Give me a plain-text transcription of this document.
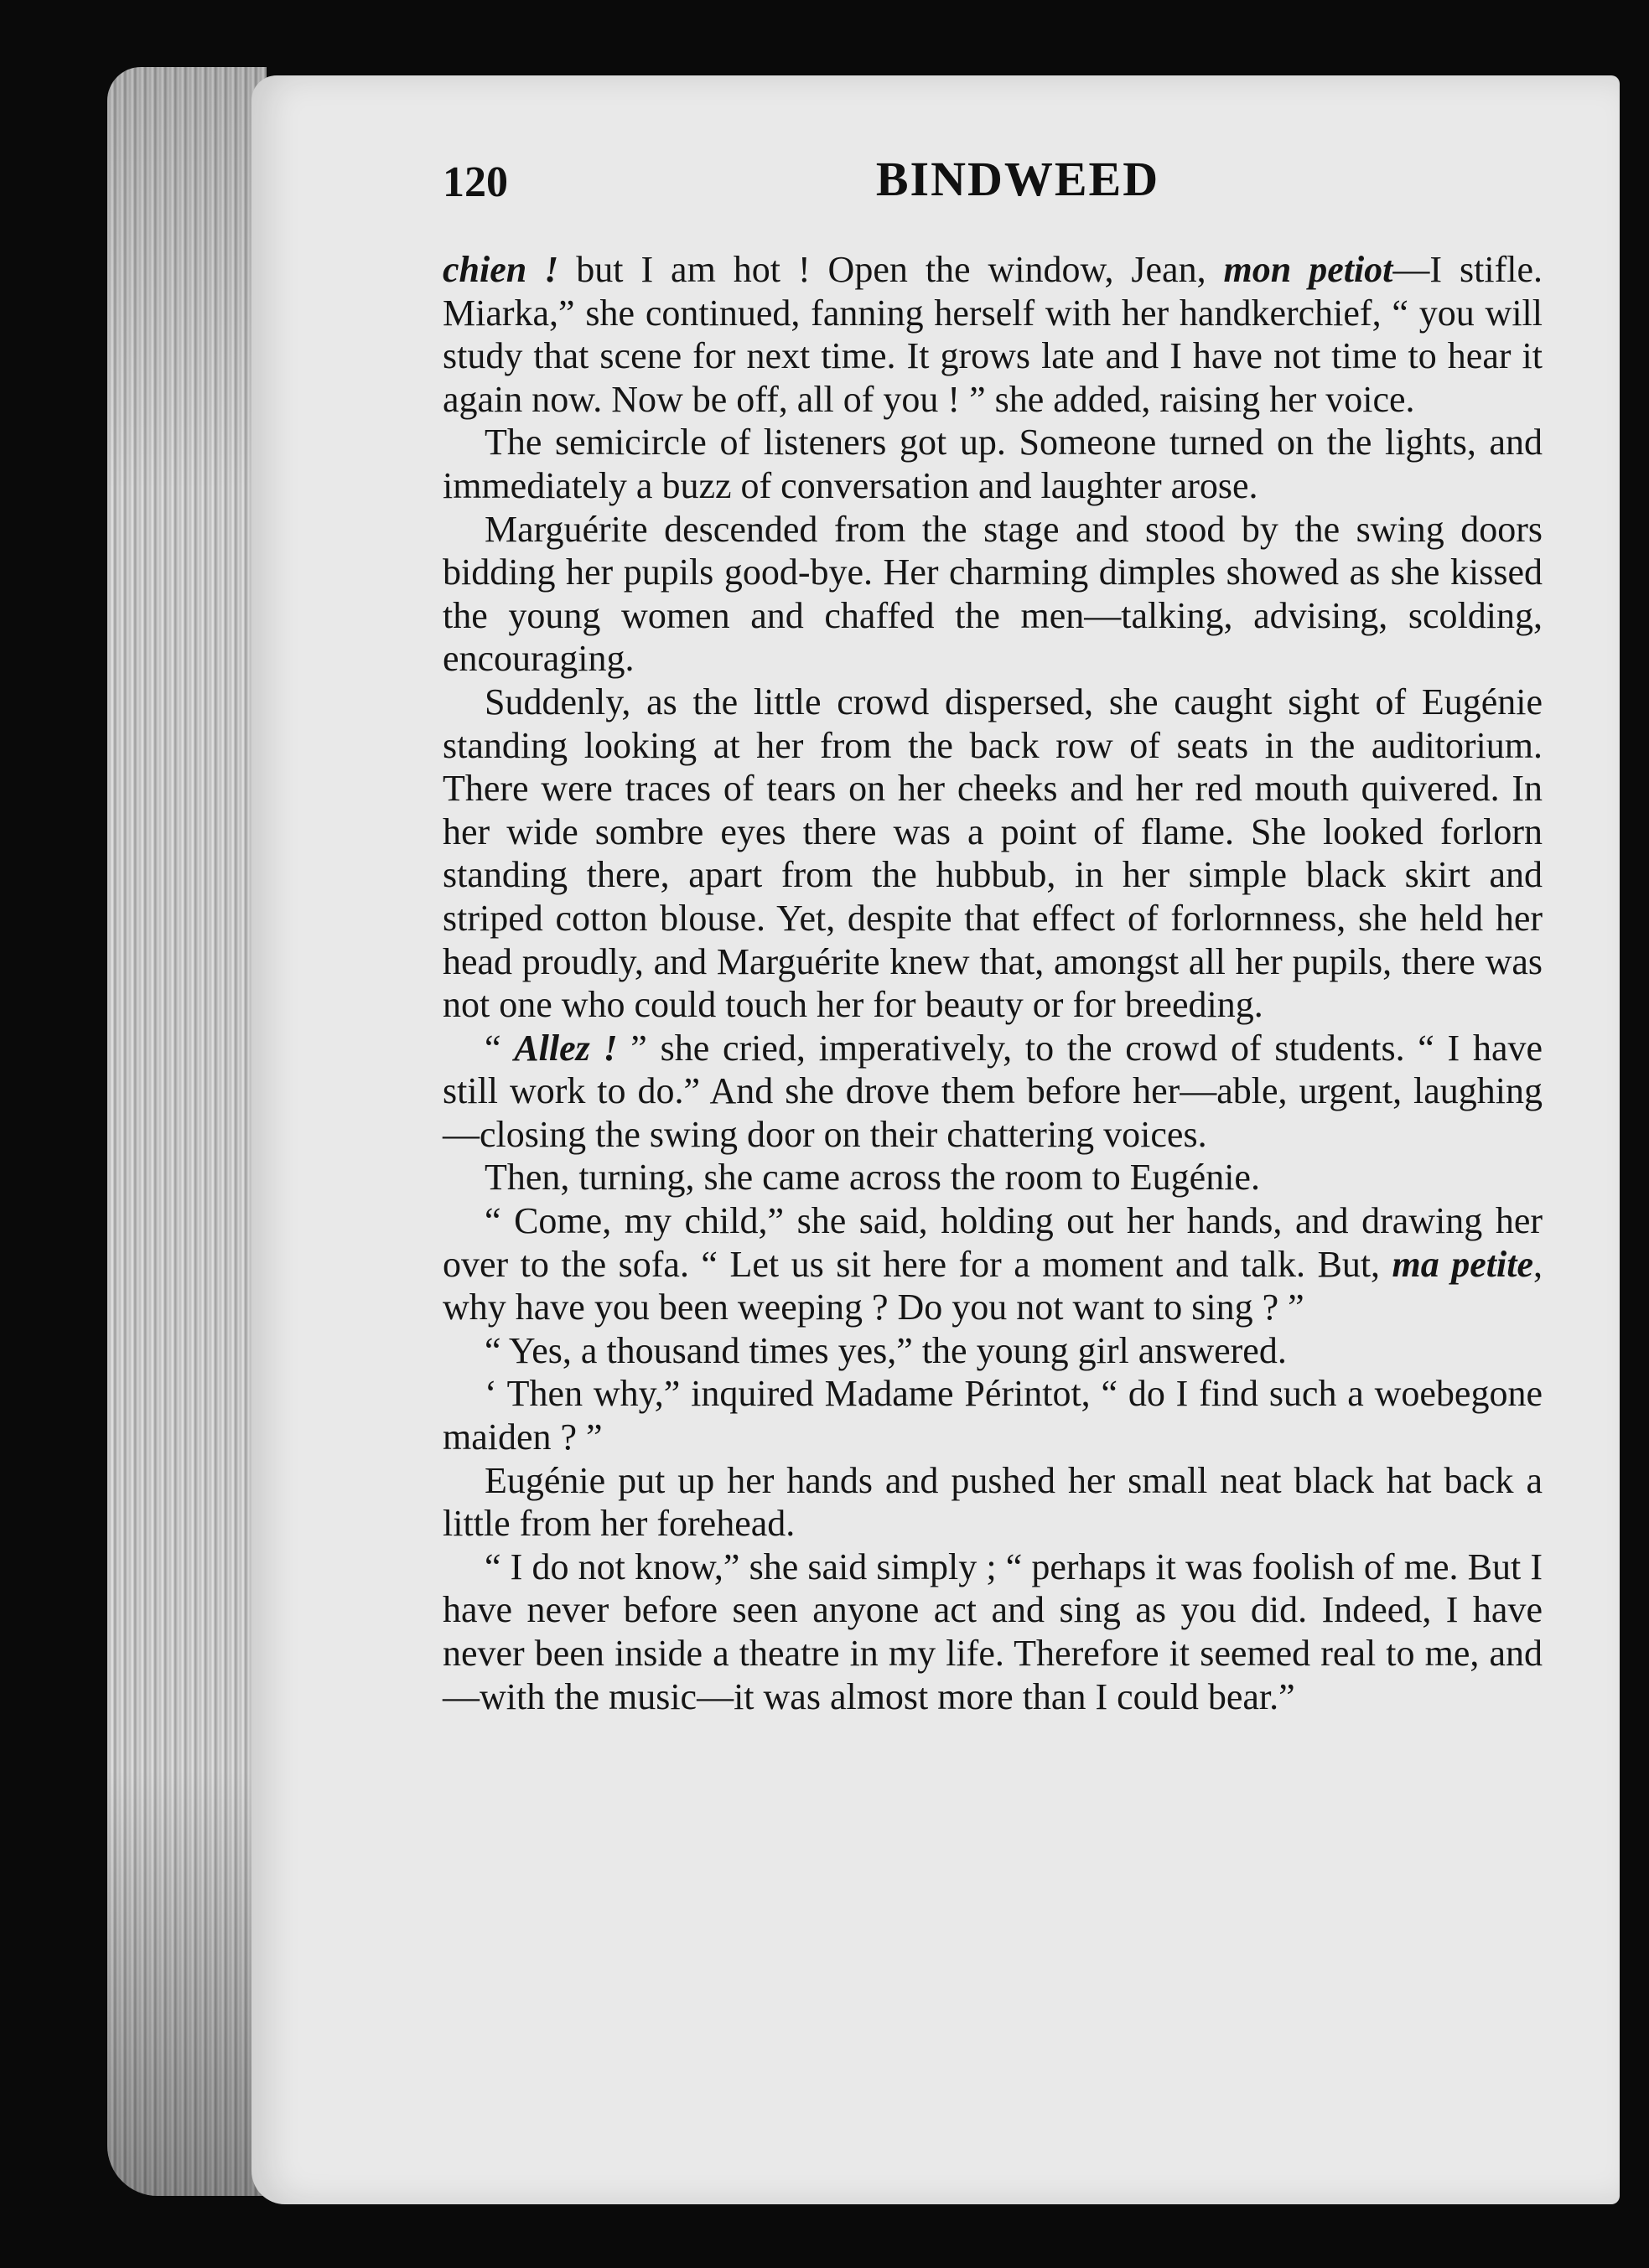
120	BINDWEED

chien ! but I am hot ! Open the window, Jean, mon petiot—I stifle. Miarka,” she continued, fanning herself with her handkerchief, “ you will study that scene for next time. It grows late and I have not time to hear it again now. Now be off, all of you ! ” she added, raising her voice.

The semicircle of listeners got up. Someone turned on the lights, and immediately a buzz of conversation and laughter arose.

Marguérite descended from the stage and stood by the swing doors bidding her pupils good-bye. Her charming dimples showed as she kissed the young women and chaffed the men—talking, advising, scolding, encouraging.

Suddenly, as the little crowd dispersed, she caught sight of Eugénie standing looking at her from the back row of seats in the auditorium. There were traces of tears on her cheeks and her red mouth quivered. In her wide sombre eyes there was a point of flame. She looked forlorn standing there, apart from the hubbub, in her simple black skirt and striped cotton blouse. Yet, despite that effect of forlornness, she held her head proudly, and Marguérite knew that, amongst all her pupils, there was not one who could touch her for beauty or for breeding.

“ Allez ! ” she cried, imperatively, to the crowd of students. “ I have still work to do.” And she drove them before her—able, urgent, laughing—closing the swing door on their chattering voices.

Then, turning, she came across the room to Eugénie.

“ Come, my child,” she said, holding out her hands, and drawing her over to the sofa. “ Let us sit here for a moment and talk. But, ma petite, why have you been weeping ? Do you not want to sing ? ”

“ Yes, a thousand times yes,” the young girl answered.

‘ Then why,” inquired Madame Périntot, “ do I find such a woebegone maiden ? ”

Eugénie put up her hands and pushed her small neat black hat back a little from her forehead.

“ I do not know,” she said simply ; “ perhaps it was foolish of me. But I have never before seen anyone act and sing as you did. Indeed, I have never been inside a theatre in my life. Therefore it seemed real to me, and—with the music—it was almost more than I could bear.”
